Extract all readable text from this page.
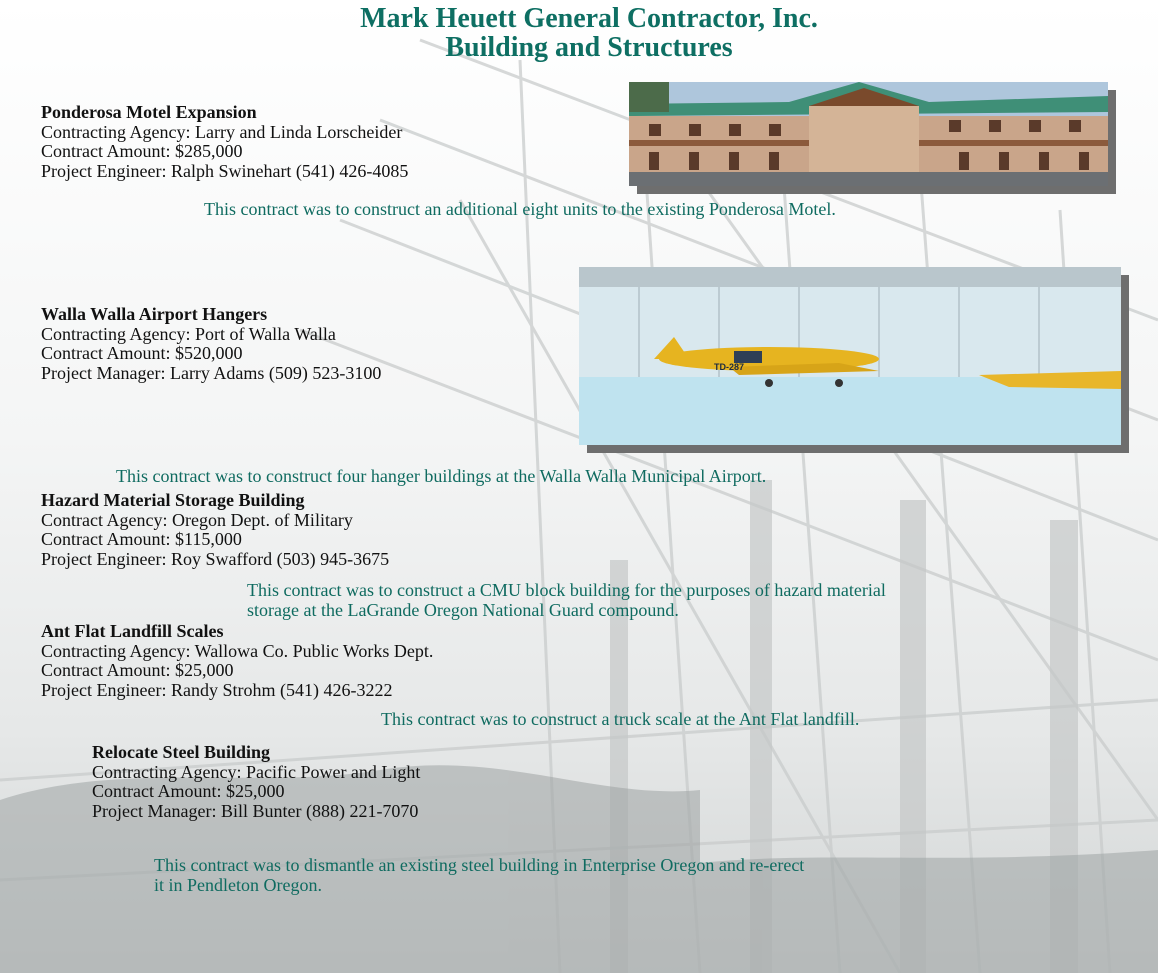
Mark Heuett General Contractor, Inc.
Building and Structures
Ponderosa Motel Expansion
Contracting Agency: Larry and Linda Lorscheider
Contract Amount: $285,000
Project Engineer: Ralph Swinehart (541) 426-4085
This contract was to construct an additional eight units to the existing Ponderosa Motel.
Walla Walla Airport Hangers
Contracting Agency: Port of Walla Walla
Contract Amount: $520,000
Project Manager: Larry Adams (509) 523-3100	TD-287
This contract was to construct four hanger buildings at the Walla Walla Municipal Airport.
Hazard Material Storage Building
Contract Agency: Oregon Dept. of Military
Contract Amount: $115,000
Project Engineer: Roy Swafford (503) 945-3675
This contract was to construct a CMU block building for the purposes of hazard material
storage at the LaGrande Oregon National Guard compound.
Ant Flat Landfill Scales
Contracting Agency: Wallowa Co. Public Works Dept.
Contract Amount: $25,000
Project Engineer: Randy Strohm (541) 426-3222
This contract was to construct a truck scale at the Ant Flat landfill.
Relocate Steel Building
Contracting Agency: Pacific Power and Light
Contract Amount: $25,000
Project Manager: Bill Bunter (888) 221-7070
This contract was to dismantle an existing steel building in Enterprise Oregon and re-erect
it in Pendleton Oregon.
